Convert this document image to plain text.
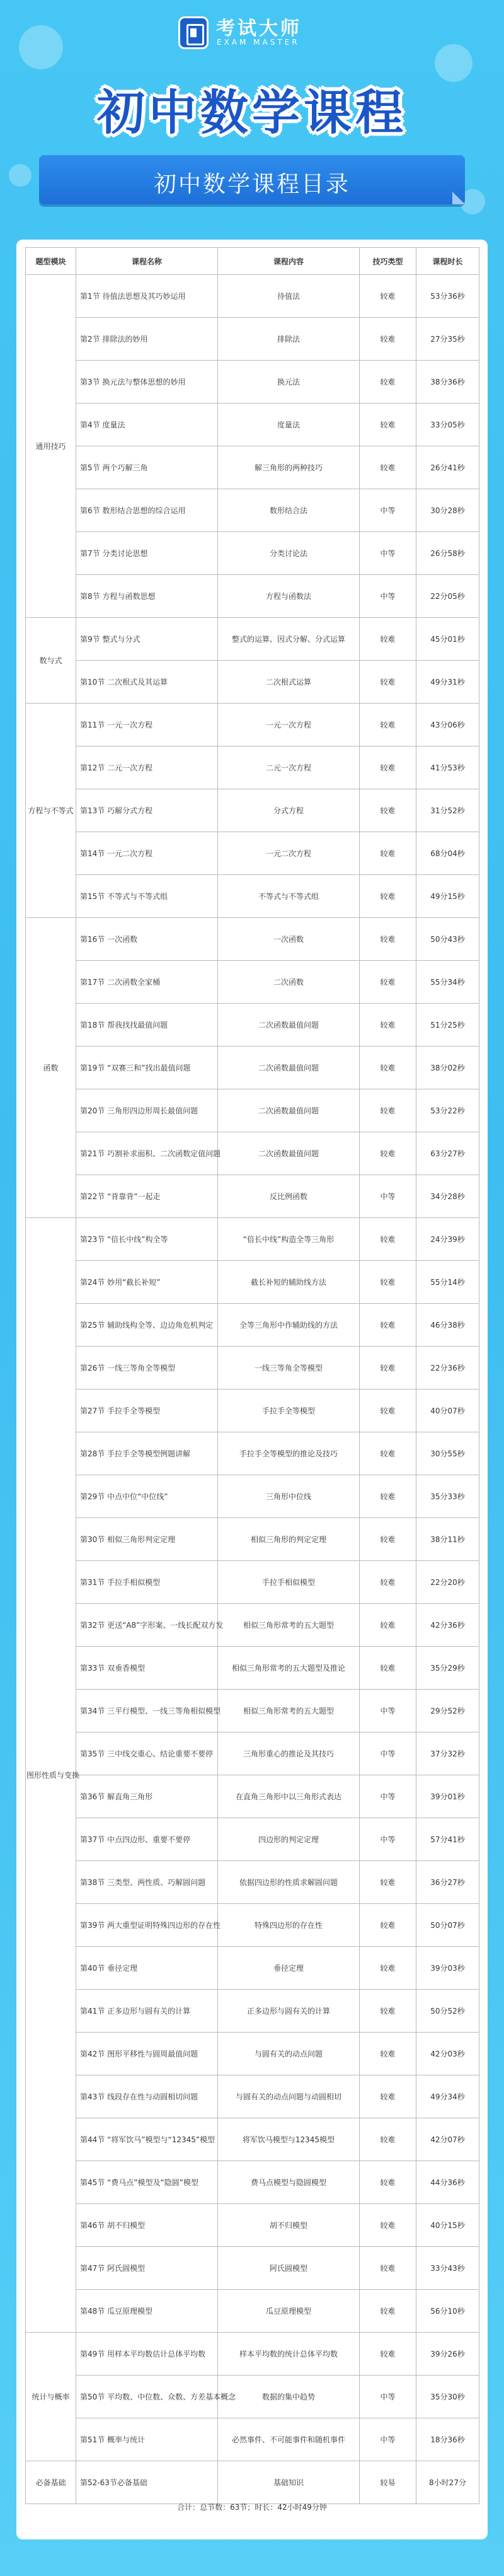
考试大师
EXAM MASTER
初中数学课程
初中数学课程目录
题型模块	课程名称	课程内容	技巧类型	课程时长
通用技巧	第1节 待值法思想及其巧妙运用	待值法	较难	53分36秒
	第2节 排除法的妙用	排除法	较难	27分35秒
	第3节 换元法与整体思想的妙用	换元法	较难	38分36秒
	第4节 度量法	度量法	较难	33分05秒
	第5节 两个巧解三角	解三角形的两种技巧	较难	26分41秒
	第6节 数形结合思想的综合运用	数形结合法	中等	30分28秒
	第7节 分类讨论思想	分类讨论法	中等	26分58秒
	第8节 方程与函数思想	方程与函数法	中等	22分05秒
数与式	第9节 整式与分式	整式的运算、因式分解、分式运算	较难	45分01秒
	第10节 二次根式及其运算	二次根式运算	较难	49分31秒
方程与不等式	第11节 一元一次方程	一元一次方程	较难	43分06秒
	第12节 二元一次方程	二元一次方程	较难	41分53秒
	第13节 巧解分式方程	分式方程	较难	31分52秒
	第14节 一元二次方程	一元二次方程	较难	68分04秒
	第15节 不等式与不等式组	不等式与不等式组	较难	49分15秒
函数	第16节 一次函数	一次函数	较难	50分43秒
	第17节 二次函数全家桶	二次函数	较难	55分34秒
	第18节 帮我找找最值问题	二次函数最值问题	较难	51分25秒
	第19节 “双赛三和”找出最值问题	二次函数最值问题	较难	38分02秒
	第20节 三角形四边形周长最值问题	二次函数最值问题	较难	53分22秒
	第21节 巧割补求面积、二次函数定值问题	二次函数最值问题	较难	63分27秒
	第22节 “背靠背”一起走	反比例函数	中等	34分28秒
图形性质与变换	第23节 “倍长中线”构全等	“倍长中线”构造全等三角形	较难	24分39秒
	第24节 妙用“截长补短”	截长补短的辅助线方法	较难	55分14秒
	第25节 辅助线构全等、边边角危机判定	全等三角形中作辅助线的方法	较难	46分38秒
	第26节 一线三等角全等模型	一线三等角全等模型	较难	22分36秒
	第27节 手拉手全等模型	手拉手全等模型	较难	40分07秒
	第28节 手拉手全等模型例题讲解	手拉手全等模型的推论及技巧	较难	30分55秒
	第29节 中点中位“中位线”	三角形中位线	较难	35分33秒
	第30节 相似三角形判定定理	相似三角形的判定定理	较难	38分11秒
	第31节 手拉手相似模型	手拉手相似模型	较难	22分20秒
	第32节 更送“A8”字形案、一线长配双方发	相似三角形常考的五大题型	较难	42分36秒
	第33节 双垂香模型	相似三角形常考的五大题型及推论	较难	35分29秒
	第34节 三平行模型、一线三等角相似模型	相似三角形常考的五大题型	中等	29分52秒
	第35节 三中线交重心、结论重要不要停	三角形重心的推论及其技巧	中等	37分32秒
	第36节 解直角三角形	在直角三角形中以三角形式表达	中等	39分01秒
	第37节 中点四边形、重要不要停	四边形的判定定理	中等	57分41秒
	第38节 三类型、两性质、巧解圆问题	依据四边形的性质求解圆问题	较难	36分27秒
	第39节 两大重型证明特殊四边形的存在性	特殊四边形的存在性	较难	50分07秒
	第40节 垂径定理	垂径定理	较难	39分03秒
	第41节 正多边形与圆有关的计算	正多边形与圆有关的计算	较难	50分52秒
	第42节 图形平移性与圆周最值问题	与圆有关的动点问题	较难	42分03秒
	第43节 线段存在性与动圆相切问题	与圆有关的动点问题与动圆相切	较难	49分34秒
	第44节 “将军饮马”模型与“12345”模型	将军饮马模型与12345模型	较难	42分07秒
	第45节 “费马点”模型及“隐圆”模型	费马点模型与隐圆模型	较难	44分36秒
	第46节 胡不归模型	胡不归模型	较难	40分15秒
	第47节 阿氏圆模型	阿氏圆模型	较难	33分43秒
	第48节 瓜豆原理模型	瓜豆原理模型	较难	56分10秒
统计与概率	第49节 用样本平均数估计总体平均数	样本平均数的统计总体平均数	较难	39分26秒
	第50节 平均数、中位数、众数、方差基本概念	数据的集中趋势	中等	35分30秒
	第51节 概率与统计	必然事件、不可能事件和随机事件	中等	18分36秒
必备基础	第52-63节必备基础	基础知识	较易	8小时27分
合计：总节数：63节；时长：42小时49分钟
